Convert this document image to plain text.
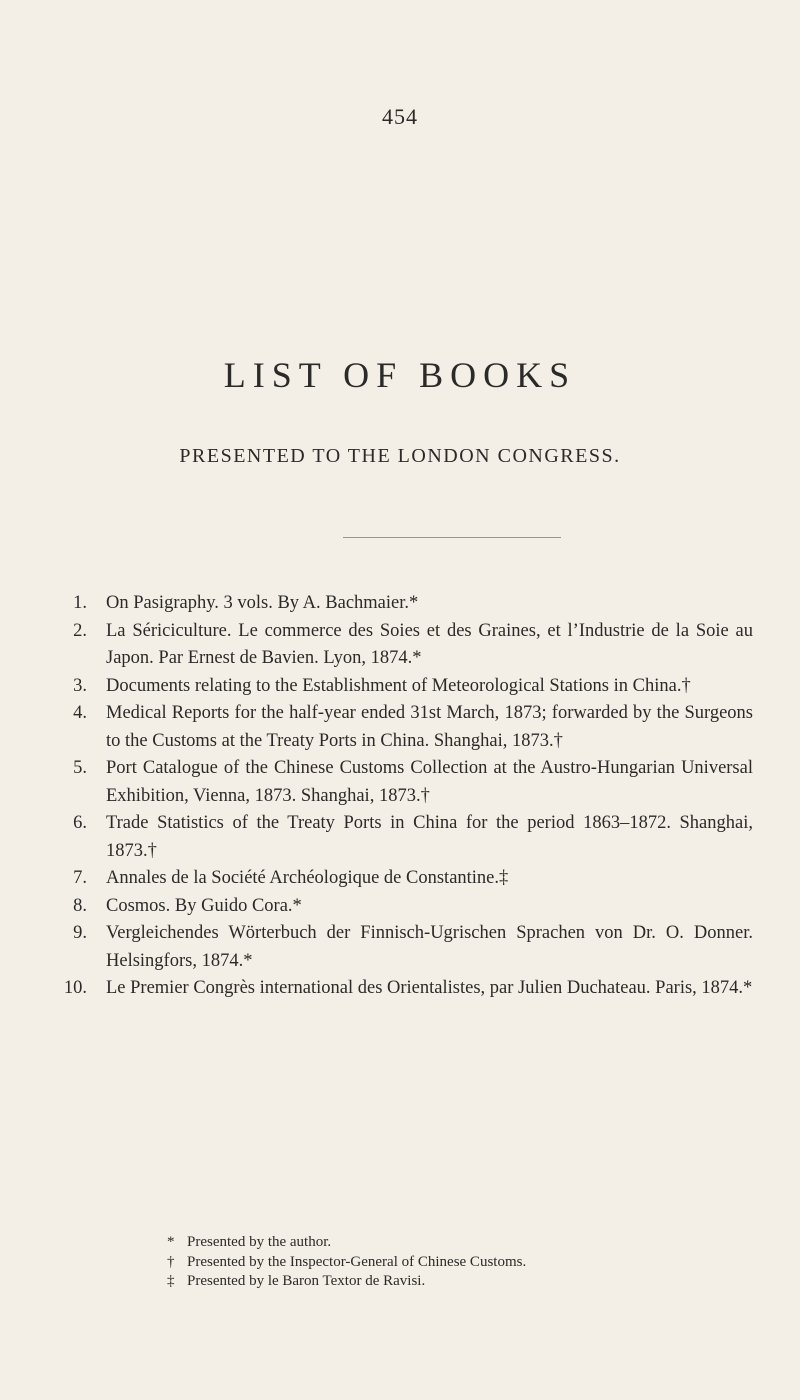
454
LIST OF BOOKS
PRESENTED TO THE LONDON CONGRESS.
1. On Pasigraphy. 3 vols. By A. Bachmaier.*
2. La Sériciculture. Le commerce des Soies et des Graines, et l’Industrie de la Soie au Japon. Par Ernest de Bavien. Lyon, 1874.*
3. Documents relating to the Establishment of Meteorological Stations in China.†
4. Medical Reports for the half-year ended 31st March, 1873; forwarded by the Surgeons to the Customs at the Treaty Ports in China. Shanghai, 1873.†
5. Port Catalogue of the Chinese Customs Collection at the Austro-Hungarian Universal Exhibition, Vienna, 1873. Shanghai, 1873.†
6. Trade Statistics of the Treaty Ports in China for the period 1863–1872. Shanghai, 1873.†
7. Annales de la Société Archéologique de Constantine.‡
8. Cosmos. By Guido Cora.*
9. Vergleichendes Wörterbuch der Finnisch-Ugrischen Sprachen von Dr. O. Donner. Helsingfors, 1874.*
10. Le Premier Congrès international des Orientalistes, par Julien Duchateau. Paris, 1874.*

* Presented by the author.

† Presented by the Inspector-General of Chinese Customs.

‡ Presented by le Baron Textor de Ravisi.
